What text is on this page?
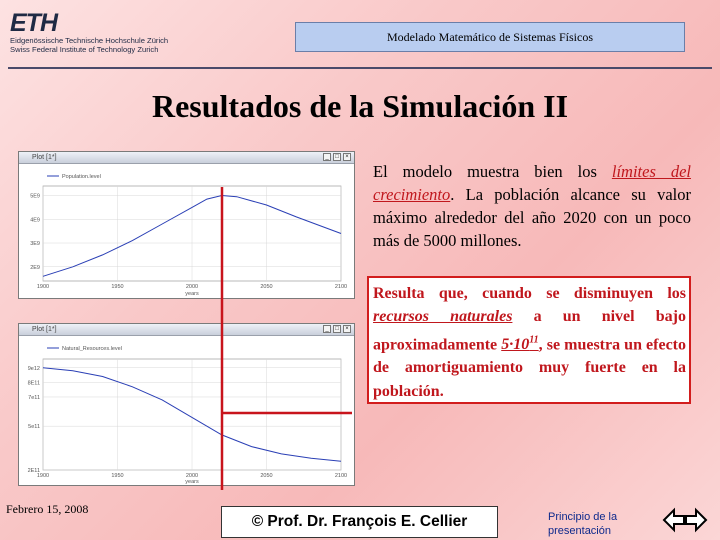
ETH
Eidgenössische Technische Hochschule Zürich
Swiss Federal Institute of Technology Zurich
Modelado Matemático de Sistemas Físicos
Resultados de la Simulación II
Plot [1*]	_	□	×
Population.level
5E9
4E9
3E9
2E9
1900	1950	2000	2050	2100
years
Plot [1*]	_	□	×
Natural_Resources.level
9e12
8E11
7e11
5e11
2E11
1900	1950	2000	2050	2100
years
El modelo muestra bien los límites del crecimiento. La población alcance su valor máximo alrededor del año 2020 con un poco más de 5000 millones.
Resulta que, cuando se disminuyen los recursos naturales a un nivel bajo aproximadamente $5\cdot 10^{11}$, se muestra un efecto de amortiguamiento muy fuerte en la población.
Febrero 15, 2008
© Prof. Dr. François E. Cellier	Principio de la presentación
